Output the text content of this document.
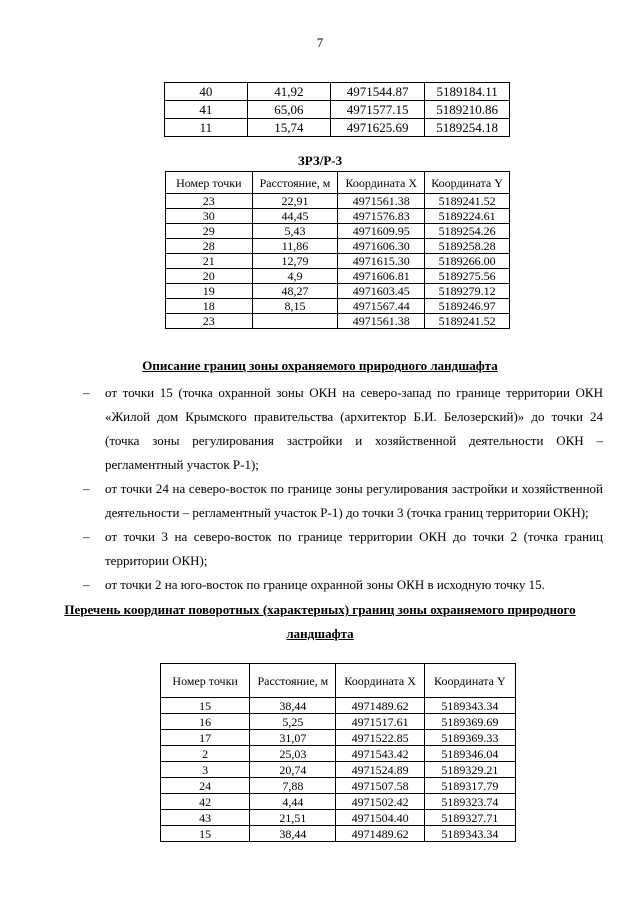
7
40	41,92	4971544.87	5189184.11
41	65,06	4971577.15	5189210.86
11	15,74	4971625.69	5189254.18
ЗРЗ/Р-3
Номер точки	Расстояние, м	Координата X	Координата Y
23	22,91	4971561.38	5189241.52
30	44,45	4971576.83	5189224.61
29	5,43	4971609.95	5189254.26
28	11,86	4971606.30	5189258.28
21	12,79	4971615.30	5189266.00
20	4,9	4971606.81	5189275.56
19	48,27	4971603.45	5189279.12
18	8,15	4971567.44	5189246.97
23		4971561.38	5189241.52
Описание границ зоны охраняемого природного ландшафта
– от точки 15 (точка охранной зоны ОКН на северо-запад по границе территории ОКН «Жилой дом Крымского правительства (архитектор Б.И. Белозерский)» до точки 24 (точка зоны регулирования застройки и хозяйственной деятельности ОКН – регламентный участок Р-1);
– от точки 24 на северо-восток по границе зоны регулирования застройки и хозяйственной деятельности – регламентный участок Р-1) до точки 3 (точка границ территории ОКН);
– от точки 3 на северо-восток по границе территории ОКН до точки 2 (точка границ территории ОКН);
– от точки 2 на юго-восток по границе охранной зоны ОКН в исходную точку 15.
Перечень координат поворотных (характерных) границ зоны охраняемого природного
ландшафта
Номер точки	Расстояние, м	Координата X	Координата Y
15	38,44	4971489.62	5189343.34
16	5,25	4971517.61	5189369.69
17	31,07	4971522.85	5189369.33
2	25,03	4971543.42	5189346.04
3	20,74	4971524.89	5189329.21
24	7,88	4971507.58	5189317.79
42	4,44	4971502.42	5189323.74
43	21,51	4971504.40	5189327.71
15	38,44	4971489.62	5189343.34
